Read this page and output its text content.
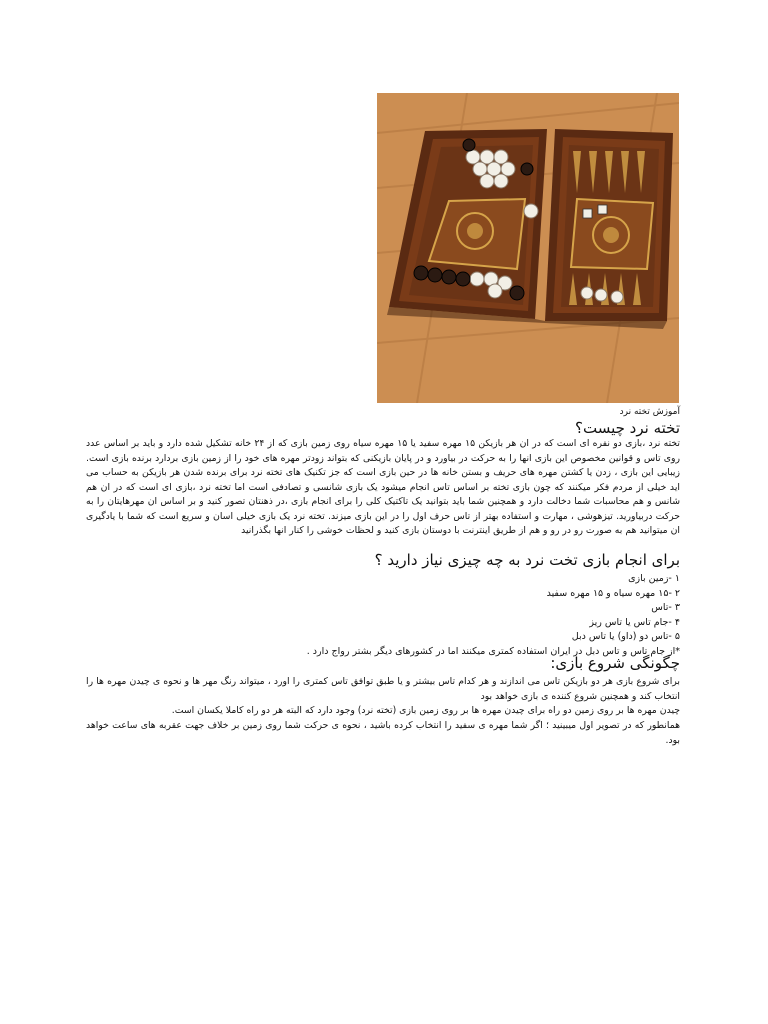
آموزش تخته نرد
تخته نرد چیست؟

تخته نرد ،بازی دو نفره ای است که در ان هر بازیکن ۱۵ مهره سفید یا ۱۵ مهره سیاه روی زمین بازی که از ۲۴ خانه تشکیل شده دارد و باید بر اساس عدد روی تاس و قوانین مخصوص این بازی انها را به حرکت در بیاورد و در پایان بازیکنی که بتواند زودتر مهره های خود را از زمین بازی بردارد برنده بازی است. زیبایی این بازی ، زدن یا کشتن مهره های حریف و بستن خانه ها در حین بازی است که جز تکنیک های تخته نرد برای برنده شدن هر بازیکن به حساب می اید خیلی از مردم فکر میکنند که چون بازی تخته بر اساس تاس انجام میشود یک بازی شانسی و تصادفی است اما تخته نرد ،بازی ای است که در ان هم شانس و هم محاسبات شما دخالت دارد و همچنین شما باید بتوانید یک تاکتیک کلی را برای انجام بازی ،در ذهنتان تصور کنید و بر اساس ان مهرهایتان را به حرکت دربیاورید. تیزهوشی ، مهارت و استفاده بهتر از تاس حرف اول را در این بازی میزند. تخته نرد یک بازی خیلی اسان و سریع است که شما با یادگیری ان میتوانید هم به صورت رو در رو و هم از طریق اینترنت با دوستان بازی کنید و لحظات خوشی را کنار انها بگذرانید

برای انجام بازی تخت نرد به چه چیزی نیاز دارید ؟
۱ -زمین بازی
۲ -۱۵ مهره سیاه و ۱۵ مهره سفید
۳ -تاس
۴ -جام تاس یا تاس ریز
۵ -تاس دو (داو) یا تاس دبل
*از جام تاس و تاس دبل در ایران استفاده کمتری میکنند اما در کشورهای دیگر بشتر رواج دارد .
چگونگی شروع بازی:

برای شروع بازی هر دو بازیکن تاس می اندازند و هر کدام تاس بیشتر و یا طبق توافق تاس کمتری را اورد ، میتواند رنگ مهر ها و نحوه ی چیدن مهره ها را انتخاب کند و همچنین شروع کننده ی بازی خواهد بود

چیدن مهره ها بر روی زمین دو راه برای چیدن مهره ها بر روی زمین بازی (تخته نرد) وجود دارد که البته هر دو راه کاملا یکسان است.

همانطور که در تصویر اول میبینید ؛ اگر شما مهره ی سفید را انتخاب کرده باشید ، نحوه ی حرکت شما روی زمین بر خلاف جهت عقربه های ساعت خواهد بود.
